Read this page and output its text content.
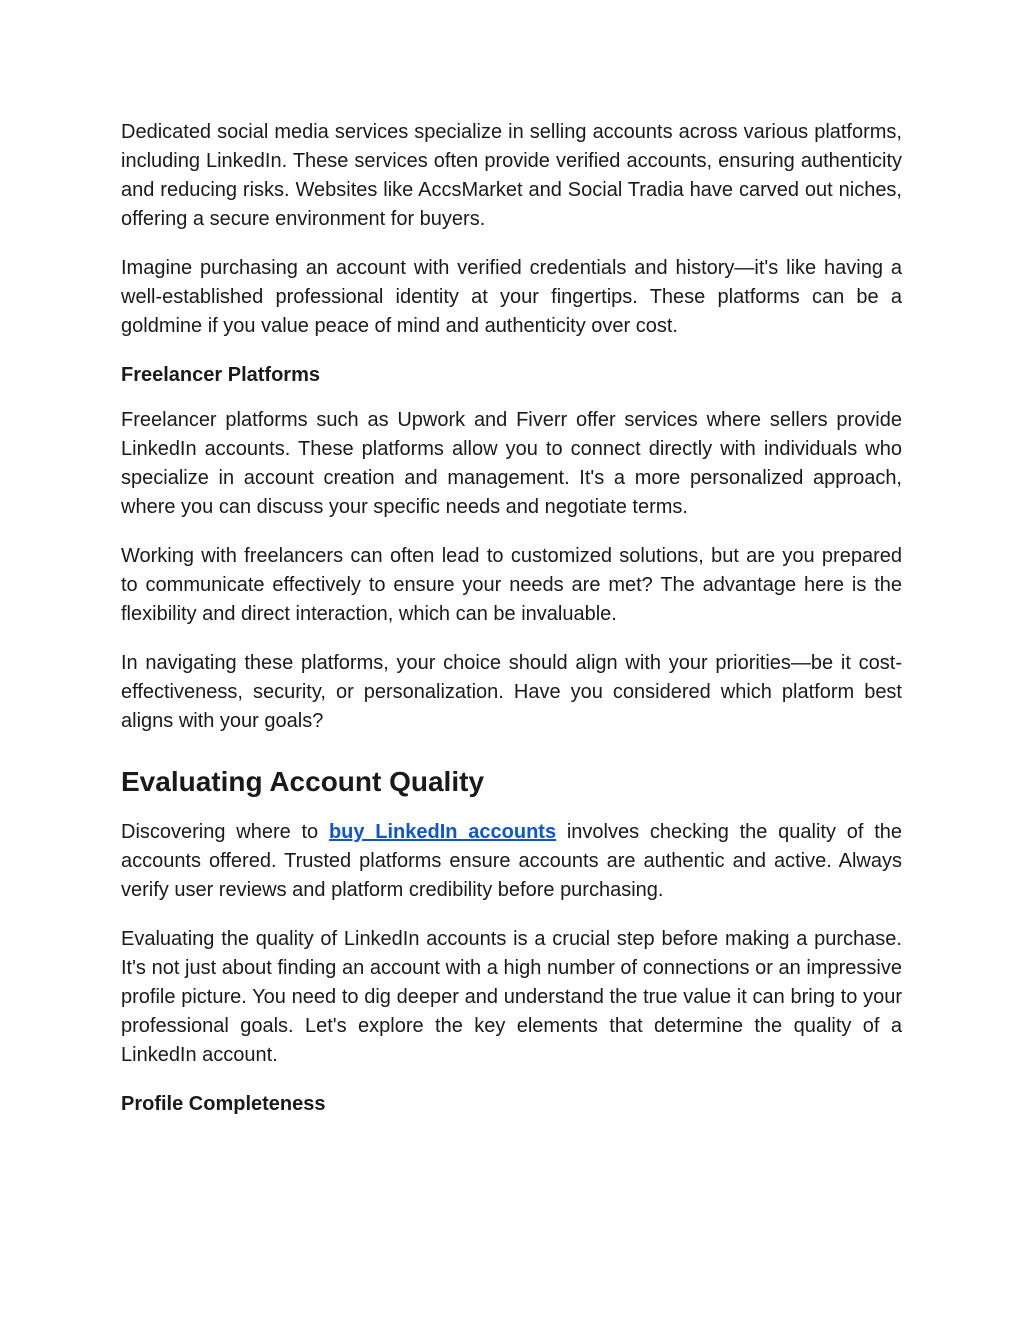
Dedicated social media services specialize in selling accounts across various platforms, including LinkedIn. These services often provide verified accounts, ensuring authenticity and reducing risks. Websites like AccsMarket and Social Tradia have carved out niches, offering a secure environment for buyers.

Imagine purchasing an account with verified credentials and history—it's like having a well-established professional identity at your fingertips. These platforms can be a goldmine if you value peace of mind and authenticity over cost.

Freelancer Platforms

Freelancer platforms such as Upwork and Fiverr offer services where sellers provide LinkedIn accounts. These platforms allow you to connect directly with individuals who specialize in account creation and management. It's a more personalized approach, where you can discuss your specific needs and negotiate terms.

Working with freelancers can often lead to customized solutions, but are you prepared to communicate effectively to ensure your needs are met? The advantage here is the flexibility and direct interaction, which can be invaluable.

In navigating these platforms, your choice should align with your priorities—be it cost-effectiveness, security, or personalization. Have you considered which platform best aligns with your goals?

Evaluating Account Quality

Discovering where to buy LinkedIn accounts involves checking the quality of the accounts offered. Trusted platforms ensure accounts are authentic and active. Always verify user reviews and platform credibility before purchasing.

Evaluating the quality of LinkedIn accounts is a crucial step before making a purchase. It's not just about finding an account with a high number of connections or an impressive profile picture. You need to dig deeper and understand the true value it can bring to your professional goals. Let's explore the key elements that determine the quality of a LinkedIn account.

Profile Completeness
